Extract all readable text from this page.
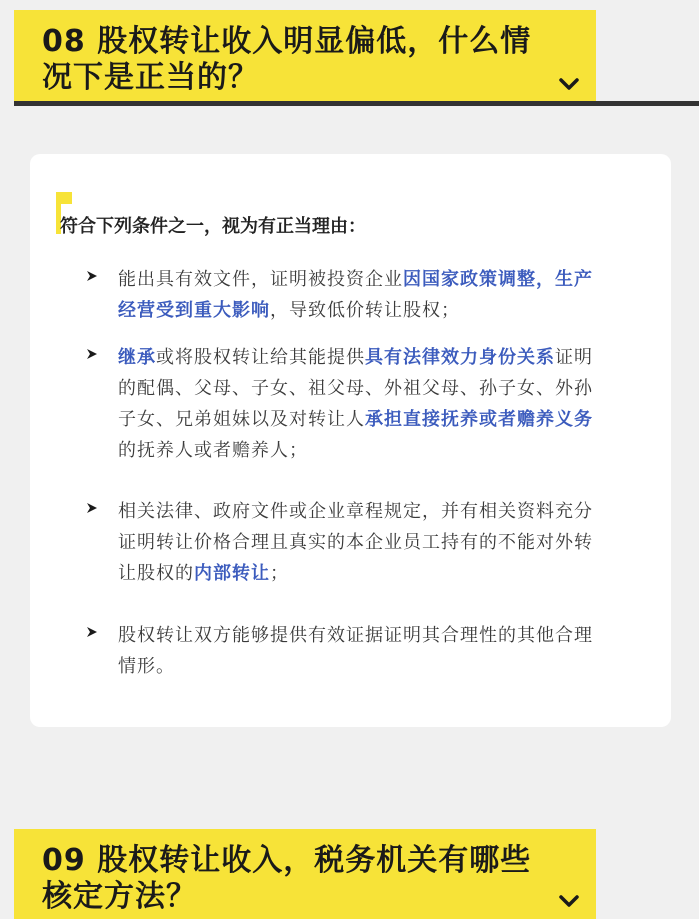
08 股权转让收入明显偏低，什么情况下是正当的？

符合下列条件之一，视为有正当理由：

能出具有效文件，证明被投资企业因国家政策调整，生产经营受到重大影响，导致低价转让股权；

继承或将股权转让给其能提供具有法律效力身份关系证明的配偶、父母、子女、祖父母、外祖父母、孙子女、外孙子女、兄弟姐妹以及对转让人承担直接抚养或者赡养义务的抚养人或者赡养人；

相关法律、政府文件或企业章程规定，并有相关资料充分证明转让价格合理且真实的本企业员工持有的不能对外转让股权的内部转让；

股权转让双方能够提供有效证据证明其合理性的其他合理情形。

09 股权转让收入，税务机关有哪些核定方法？
